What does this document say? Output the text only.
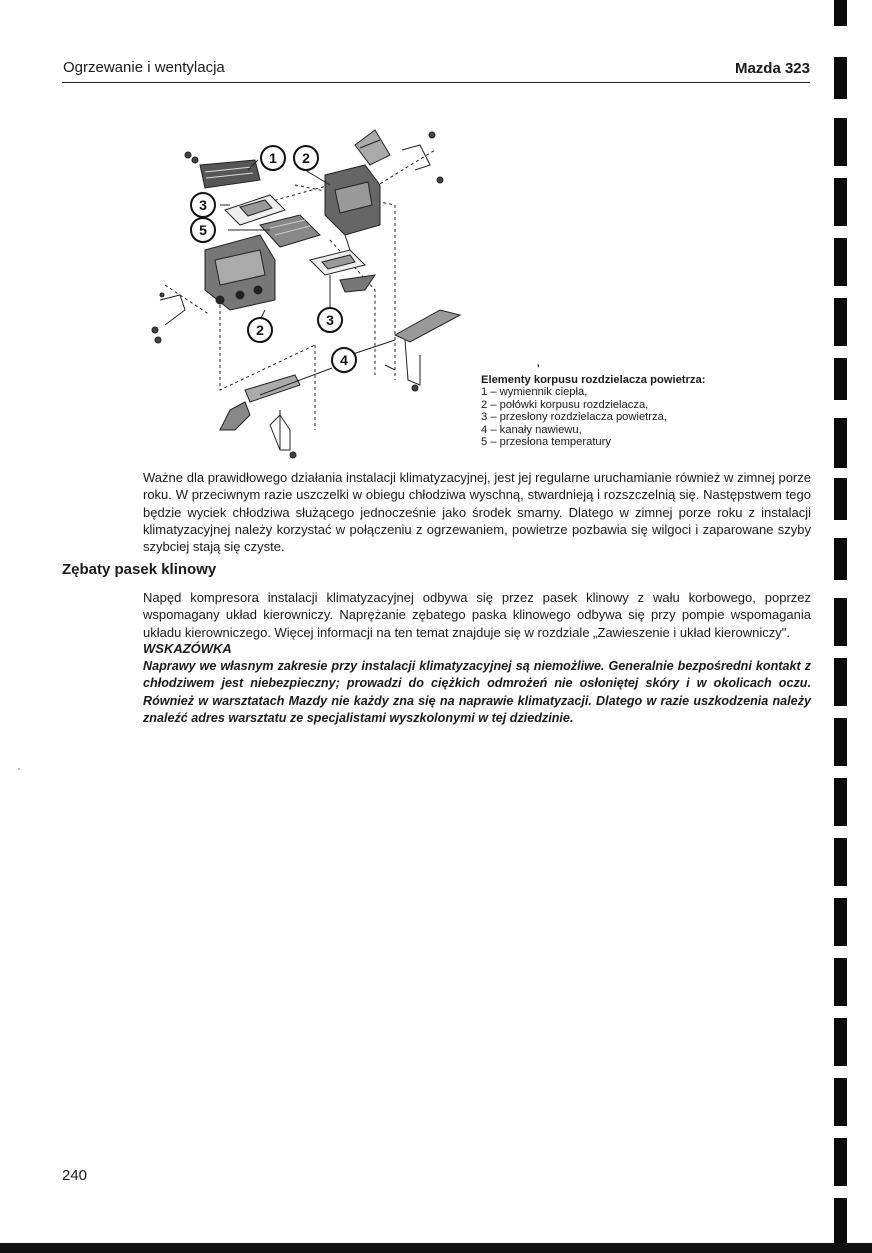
Ogrzewanie i wentylacja	Mazda 323
1 2
3
5
2
3
4
'
Elementy korpusu rozdzielacza powietrza:
1 – wymiennik ciepła,
2 – połówki korpusu rozdzielacza,
3 – przesłony rozdzielacza powietrza,
4 – kanały nawiewu,
5 – przesłona temperatury
Ważne dla prawidłowego działania instalacji klimatyzacyjnej, jest jej regularne uruchamianie również w zimnej porze roku. W przeciwnym razie uszczelki w obiegu chłodziwa wyschną, stwardnieją i rozszczelnią się. Następstwem tego będzie wyciek chłodziwa służącego jednocześnie jako środek smarny. Dlatego w zimnej porze roku z instalacji klimatyzacyjnej należy korzystać w połączeniu z ogrzewaniem, powietrze pozbawia się wilgoci i zaparowane szyby szybciej stają się czyste.
Zębaty pasek klinowy
Napęd kompresora instalacji klimatyzacyjnej odbywa się przez pasek klinowy z wału korbowego, poprzez wspomagany układ kierowniczy. Naprężanie zębatego paska klinowego odbywa się przy pompie wspomagania układu kierowniczego. Więcej informacji na ten temat znajduje się w rozdziale „Zawieszenie i układ kierowniczy".
WSKAZÓWKA
Naprawy we własnym zakresie przy instalacji klimatyzacyjnej są niemożliwe. Generalnie bezpośredni kontakt z chłodziwem jest niebezpieczny; prowadzi do ciężkich odmrożeń nie osłoniętej skóry i w okolicach oczu. Również w warsztatach Mazdy nie każdy zna się na naprawie klimatyzacji. Dlatego w razie uszkodzenia należy znaleźć adres warsztatu ze specjalistami wyszkolonymi w tej dziedzinie.
240
